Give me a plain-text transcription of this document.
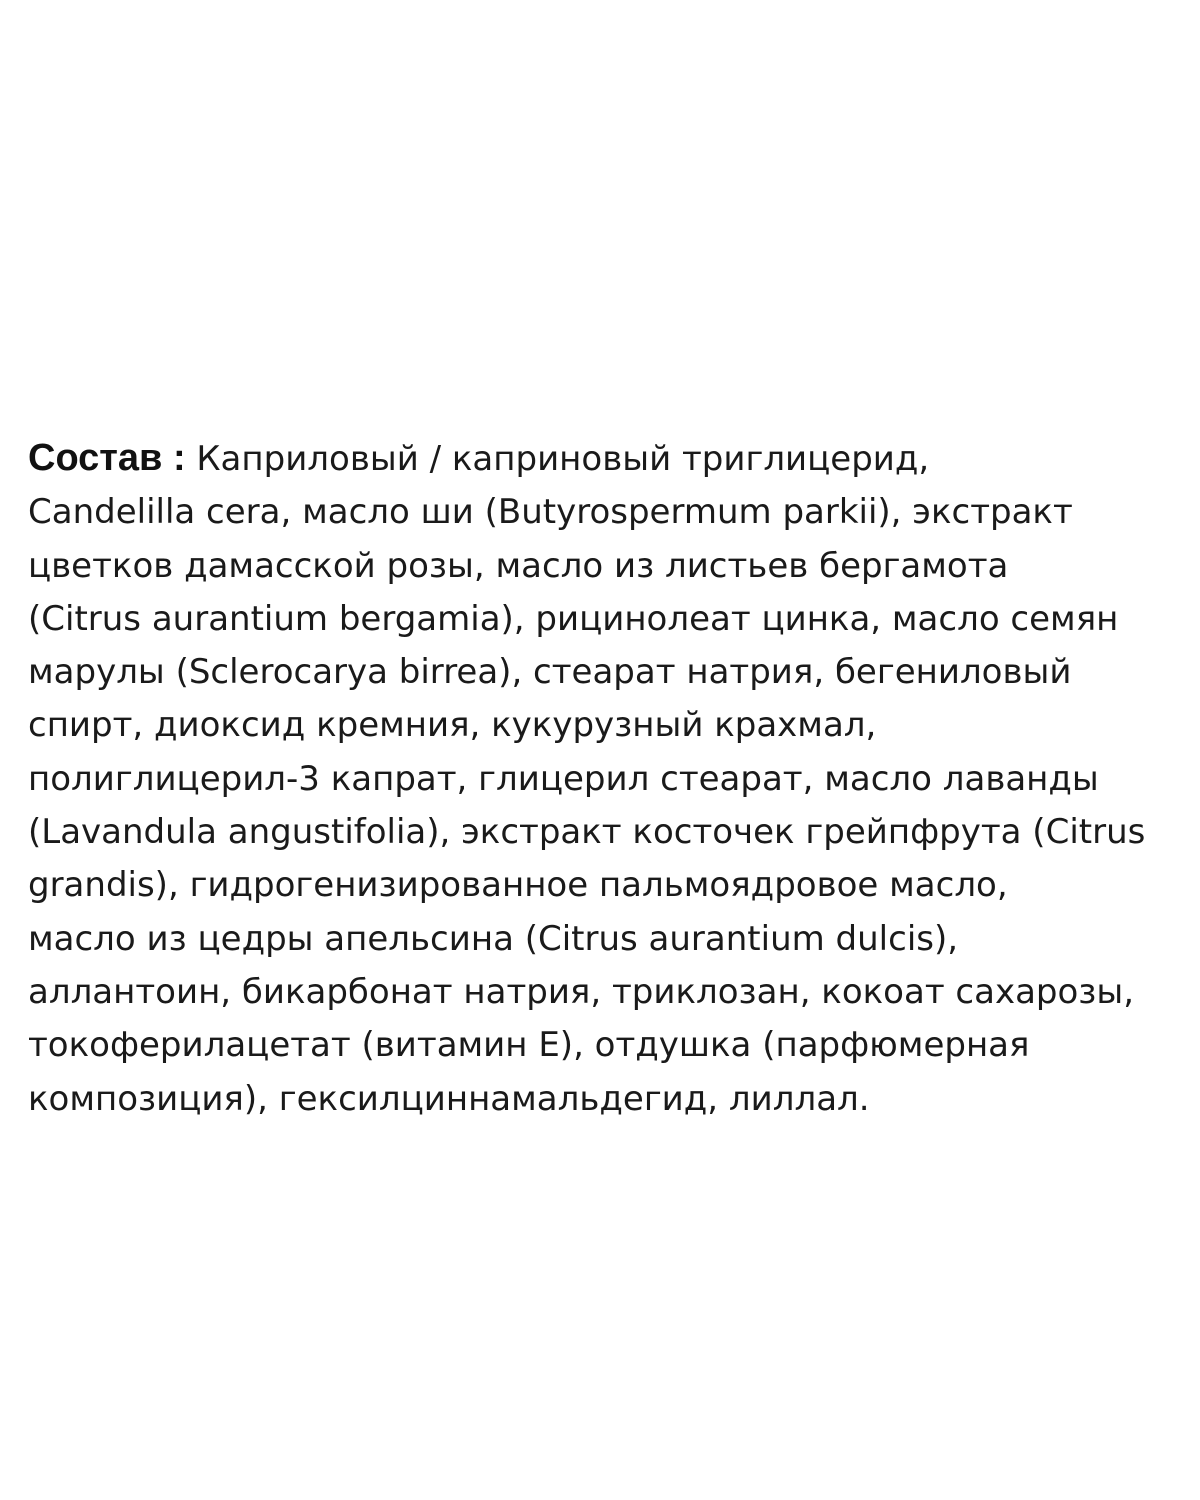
Состав : Каприловый / каприновый триглицерид,
Candelilla cera, масло ши (Butyrospermum parkii), экстракт
цветков дамасской розы, масло из листьев бергамота
(Citrus aurantium bergamia), рицинолеат цинка, масло семян
марулы (Sclerocarya birrea), стеарат натрия, бегениловый
спирт, диоксид кремния, кукурузный крахмал,
полиглицерил-3 капрат, глицерил стеарат, масло лаванды
(Lavandula angustifolia), экстракт косточек грейпфрута (Citrus
grandis), гидрогенизированное пальмоядровое масло,
масло из цедры апельсина (Citrus aurantium dulcis),
аллантоин, бикарбонат натрия, триклозан, кокоат сахарозы,
токоферилацетат (витамин Е), отдушка (парфюмерная
композиция), гексилциннамальдегид, лиллал.
